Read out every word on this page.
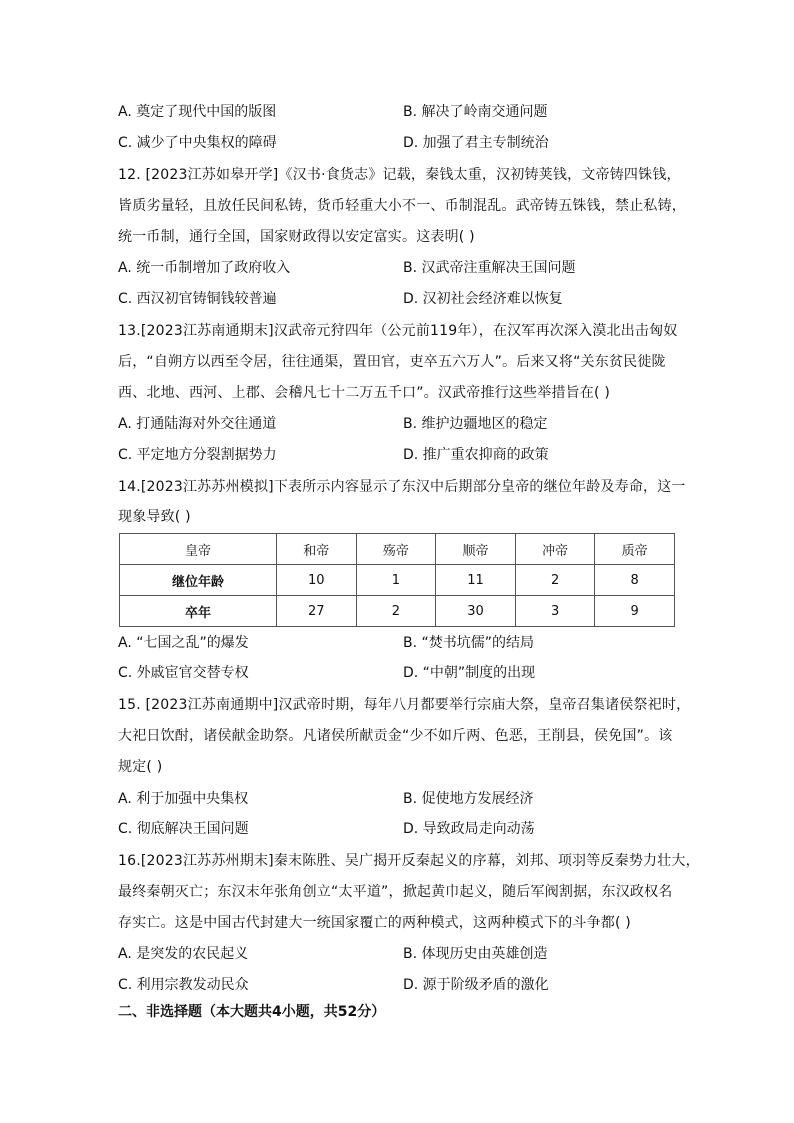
A. 奠定了现代中国的版图	B. 解决了岭南交通问题
C. 减少了中央集权的障碍	D. 加强了君主专制统治
12. [2023江苏如皋开学]《汉书·食货志》记载，秦钱太重，汉初铸荚钱，文帝铸四铢钱，
皆质劣量轻，且放任民间私铸，货币轻重大小不一、币制混乱。武帝铸五铢钱，禁止私铸，
统一币制，通行全国，国家财政得以安定富实。这表明( )
A. 统一币制增加了政府收入	B. 汉武帝注重解决王国问题
C. 西汉初官铸铜钱较普遍	D. 汉初社会经济难以恢复
13.[2023江苏南通期末]汉武帝元狩四年（公元前119年），在汉军再次深入漠北出击匈奴
后，“自朔方以西至令居，往往通渠，置田官，吏卒五六万人”。后来又将“关东贫民徙陇
西、北地、西河、上郡、会稽凡七十二万五千口”。汉武帝推行这些举措旨在( )
A. 打通陆海对外交往通道	B. 维护边疆地区的稳定
C. 平定地方分裂割据势力	D. 推广重农抑商的政策
14.[2023江苏苏州模拟]下表所示内容显示了东汉中后期部分皇帝的继位年龄及寿命，这一
现象导致( )
皇帝	和帝	殇帝	顺帝	冲帝	质帝
继位年龄	10	1	11	2	8
卒年	27	2	30	3	9
A. “七国之乱”的爆发	B. “焚书坑儒”的结局
C. 外戚宦官交替专权	D. “中朝”制度的出现
15. [2023江苏南通期中]汉武帝时期，每年八月都要举行宗庙大祭，皇帝召集诸侯祭祀时，
大祀日饮酎，诸侯献金助祭。凡诸侯所献贡金“少不如斤两、色恶，王削县，侯免国”。该
规定( )
A. 利于加强中央集权	B. 促使地方发展经济
C. 彻底解决王国问题	D. 导致政局走向动荡
16.[2023江苏苏州期末]秦末陈胜、吴广揭开反秦起义的序幕，刘邦、项羽等反秦势力壮大，
最终秦朝灭亡；东汉末年张角创立“太平道”，掀起黄巾起义，随后军阀割据，东汉政权名
存实亡。这是中国古代封建大一统国家覆亡的两种模式，这两种模式下的斗争都( )
A. 是突发的农民起义	B. 体现历史由英雄创造
C. 利用宗教发动民众	D. 源于阶级矛盾的激化
二、非选择题（本大题共4小题，共52分）
